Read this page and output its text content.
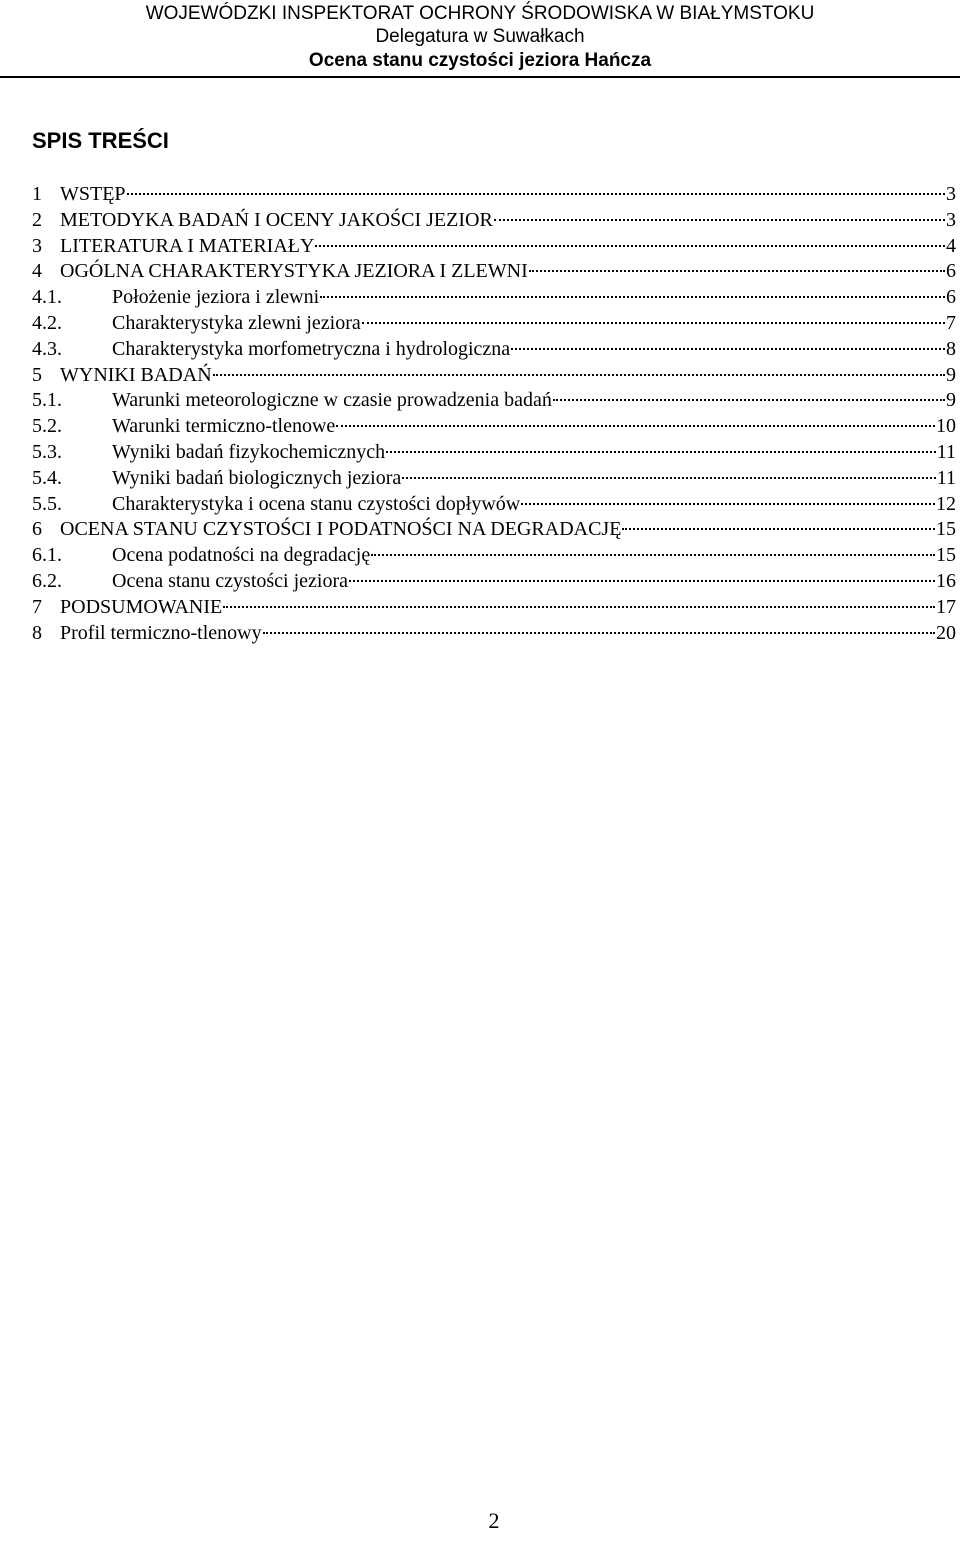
WOJEWÓDZKI INSPEKTORAT OCHRONY ŚRODOWISKA W BIAŁYMSTOKU
Delegatura w Suwałkach
Ocena stanu czystości jeziora Hańcza
SPIS TREŚCI
1 WSTĘP	3
2 METODYKA BADAŃ I OCENY JAKOŚCI JEZIOR	3
3 LITERATURA I MATERIAŁY	4
4 OGÓLNA CHARAKTERYSTYKA JEZIORA I ZLEWNI	6
4.1.	Położenie jeziora i zlewni	6
4.2.	Charakterystyka zlewni jeziora	7
4.3.	Charakterystyka morfometryczna i hydrologiczna	8
5 WYNIKI BADAŃ	9
5.1.	Warunki meteorologiczne w czasie prowadzenia badań	9
5.2.	Warunki termiczno-tlenowe	10
5.3.	Wyniki badań fizykochemicznych	11
5.4.	Wyniki badań biologicznych jeziora	11
5.5.	Charakterystyka i ocena stanu czystości dopływów	12
6 OCENA STANU CZYSTOŚCI I PODATNOŚCI NA DEGRADACJĘ	15
6.1.	Ocena podatności na degradację	15
6.2.	Ocena stanu czystości jeziora	16
7 PODSUMOWANIE	17
8 Profil termiczno-tlenowy	20
2
